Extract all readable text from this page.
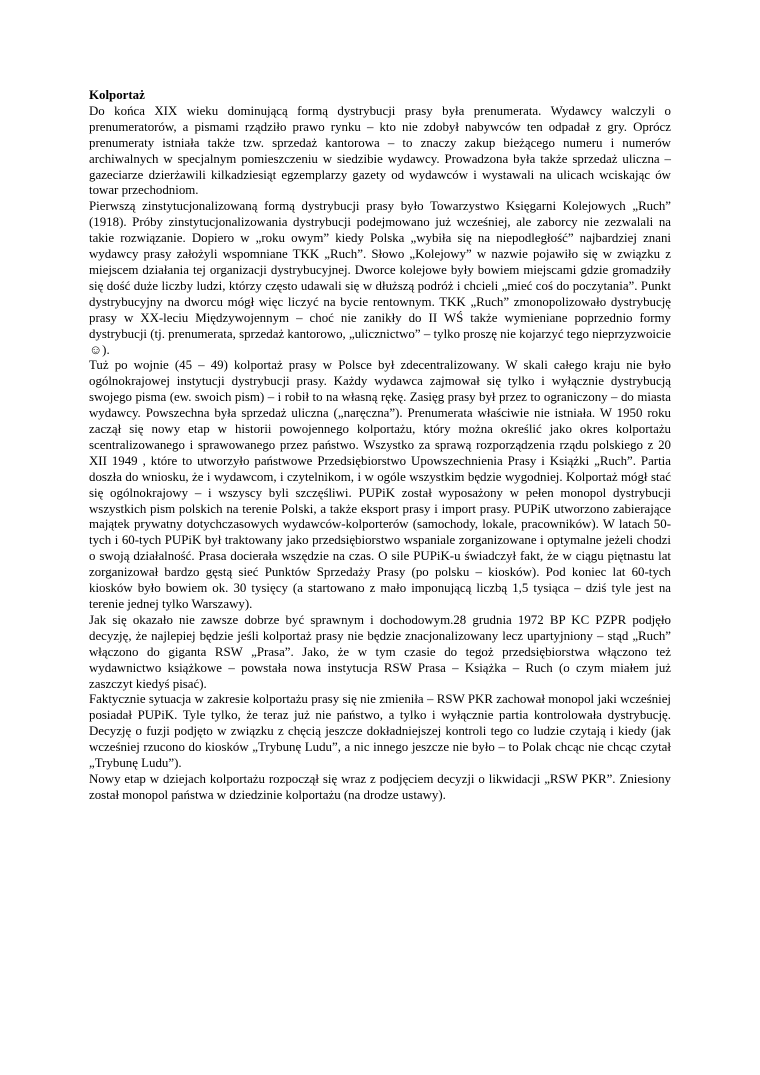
Kolportaż

Do końca XIX wieku dominującą formą dystrybucji prasy była prenumerata. Wydawcy walczyli o prenumeratorów, a pismami rządziło prawo rynku – kto nie zdobył nabywców ten odpadał z gry. Oprócz prenumeraty istniała także tzw. sprzedaż kantorowa – to znaczy zakup bieżącego numeru i numerów archiwalnych w specjalnym pomieszczeniu w siedzibie wydawcy. Prowadzona była także sprzedaż uliczna – gazeciarze dzierżawili kilkadziesiąt egzemplarzy gazety od wydawców i wystawali na ulicach wciskając ów towar przechodniom.

Pierwszą zinstytucjonalizowaną formą dystrybucji prasy było Towarzystwo Księgarni Kolejowych „Ruch” (1918). Próby zinstytucjonalizowania dystrybucji podejmowano już wcześniej, ale zaborcy nie zezwalali na takie rozwiązanie. Dopiero w „roku owym” kiedy Polska „wybiła się na niepodległość” najbardziej znani wydawcy prasy założyli wspomniane TKK „Ruch”. Słowo „Kolejowy” w nazwie pojawiło się w związku z miejscem działania tej organizacji dystrybucyjnej. Dworce kolejowe były bowiem miejscami gdzie gromadziły się dość duże liczby ludzi, którzy często udawali się w dłuższą podróż i chcieli „mieć coś do poczytania”. Punkt dystrybucyjny na dworcu mógł więc liczyć na bycie rentownym. TKK „Ruch” zmonopolizowało dystrybucję prasy w XX-leciu Międzywojennym – choć nie zanikły do II WŚ także wymieniane poprzednio formy dystrybucji (tj. prenumerata, sprzedaż kantorowo, „ulicznictwo” – tylko proszę nie kojarzyć tego nieprzyzwoicie ☺).

Tuż po wojnie (45 – 49) kolportaż prasy w Polsce był zdecentralizowany. W skali całego kraju nie było ogólnokrajowej instytucji dystrybucji prasy. Każdy wydawca zajmował się tylko i wyłącznie dystrybucją swojego pisma (ew. swoich pism) – i robił to na własną rękę. Zasięg prasy był przez to ograniczony – do miasta wydawcy. Powszechna była sprzedaż uliczna („naręczna”). Prenumerata właściwie nie istniała. W 1950 roku zaczął się nowy etap w historii powojennego kolportażu, który można określić jako okres kolportażu scentralizowanego i sprawowanego przez państwo. Wszystko za sprawą rozporządzenia rządu polskiego z 20 XII 1949 , które to utworzyło państwowe Przedsiębiorstwo Upowszechnienia Prasy i Książki „Ruch”. Partia doszła do wniosku, że i wydawcom, i czytelnikom, i w ogóle wszystkim będzie wygodniej. Kolportaż mógł stać się ogólnokrajowy – i wszyscy byli szczęśliwi. PUPiK został wyposażony w pełen monopol dystrybucji wszystkich pism polskich na terenie Polski, a także eksport prasy i import prasy. PUPiK utworzono zabierające majątek prywatny dotychczasowych wydawców-kolporterów (samochody, lokale, pracowników). W latach 50-tych i 60-tych PUPiK był traktowany jako przedsiębiorstwo wspaniale zorganizowane i optymalne jeżeli chodzi o swoją działalność. Prasa docierała wszędzie na czas. O sile PUPiK-u świadczył fakt, że w ciągu piętnastu lat zorganizował bardzo gęstą sieć Punktów Sprzedaży Prasy (po polsku – kiosków). Pod koniec lat 60-tych kiosków było bowiem ok. 30 tysięcy (a startowano z mało imponującą liczbą 1,5 tysiąca – dziś tyle jest na terenie jednej tylko Warszawy).

Jak się okazało nie zawsze dobrze być sprawnym i dochodowym.28 grudnia 1972 BP KC PZPR podjęło decyzję, że najlepiej będzie jeśli kolportaż prasy nie będzie znacjonalizowany lecz upartyjniony – stąd „Ruch” włączono do giganta RSW „Prasa”. Jako, że w tym czasie do tegoż przedsiębiorstwa włączono też wydawnictwo książkowe – powstała nowa instytucja RSW Prasa – Książka – Ruch (o czym miałem już zaszczyt kiedyś pisać).

Faktycznie sytuacja w zakresie kolportażu prasy się nie zmieniła – RSW PKR zachował monopol jaki wcześniej posiadał PUPiK. Tyle tylko, że teraz już nie państwo, a tylko i wyłącznie partia kontrolowała dystrybucję. Decyzję o fuzji podjęto w związku z chęcią jeszcze dokładniejszej kontroli tego co ludzie czytają i kiedy (jak wcześniej rzucono do kiosków „Trybunę Ludu”, a nic innego jeszcze nie było – to Polak chcąc nie chcąc czytał „Trybunę Ludu”).

Nowy etap w dziejach kolportażu rozpoczął się wraz z podjęciem decyzji o likwidacji „RSW PKR”. Zniesiony został monopol państwa w dziedzinie kolportażu (na drodze ustawy).
